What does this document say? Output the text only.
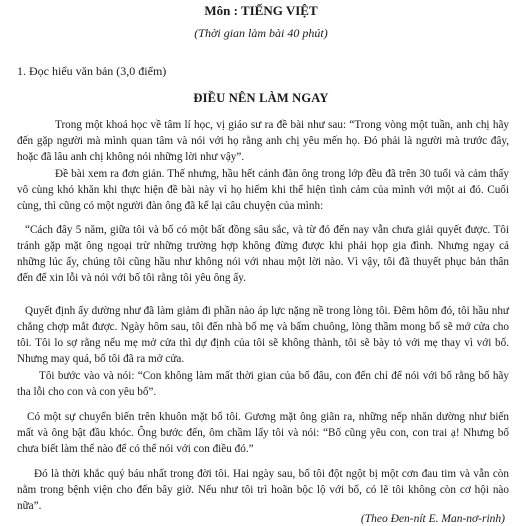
Môn : TIẾNG VIỆT
(Thời gian làm bài 40 phút)
1. Đọc hiểu văn bản (3,0 điểm)
ĐIỀU NÊN LÀM NGAY

Trong một khoá học về tâm lí học, vị giáo sư ra đề bài như sau: “Trong vòng một tuần, anh chị hãy đến gặp người mà mình quan tâm và nói với họ rằng anh chị yêu mến họ. Đó phải là người mà trước đây, hoặc đã lâu anh chị không nói những lời như vậy”.

Đề bài xem ra đơn giản. Thế nhưng, hầu hết cánh đàn ông trong lớp đều đã trên 30 tuổi và cảm thấy vô cùng khó khăn khi thực hiện đề bài này vì họ hiếm khi thể hiện tình cảm của mình với một ai đó. Cuối cùng, thì cũng có một người đàn ông đã kể lại câu chuyện của mình:

“Cách đây 5 năm, giữa tôi và bố có một bất đồng sâu sắc, và từ đó đến nay vẫn chưa giải quyết được. Tôi tránh gặp mặt ông ngoại trừ những trường hợp không đừng được khi phải họp gia đình. Nhưng ngay cả những lúc ấy, chúng tôi cũng hầu như không nói với nhau một lời nào. Vì vậy, tôi đã thuyết phục bản thân đến để xin lỗi và nói với bố tôi rằng tôi yêu ông ấy.

Quyết định ấy dường như đã làm giảm đi phần nào áp lực nặng nề trong lòng tôi. Đêm hôm đó, tôi hầu như chẳng chợp mắt được. Ngày hôm sau, tôi đến nhà bố mẹ và bấm chuông, lòng thầm mong bố sẽ mở cửa cho tôi. Tôi lo sợ rằng nếu mẹ mở cửa thì dự định của tôi sẽ không thành, tôi sẽ bày tỏ với mẹ thay vì với bố. Nhưng may quá, bố tôi đã ra mở cửa.

Tôi bước vào và nói: “Con không làm mất thời gian của bố đâu, con đến chỉ để nói với bố rằng bố hãy tha lỗi cho con và con yêu bố”.

Có một sự chuyển biến trên khuôn mặt bố tôi. Gương mặt ông giãn ra, những nếp nhăn dường như biến mất và ông bật đầu khóc. Ông bước đến, ôm chầm lấy tôi và nói: “Bố cũng yêu con, con trai ạ! Nhưng bố chưa biết làm thế nào để có thể nói với con điều đó.”

Đó là thời khắc quý báu nhất trong đời tôi. Hai ngày sau, bố tôi đột ngột bị một cơn đau tim và vẫn còn nằm trong bệnh viện cho đến bây giờ. Nếu như tôi trì hoãn bộc lộ với bố, có lẽ tôi không còn cơ hội nào nữa”.

(Theo Đen-nít E. Man-nơ-rinh)
